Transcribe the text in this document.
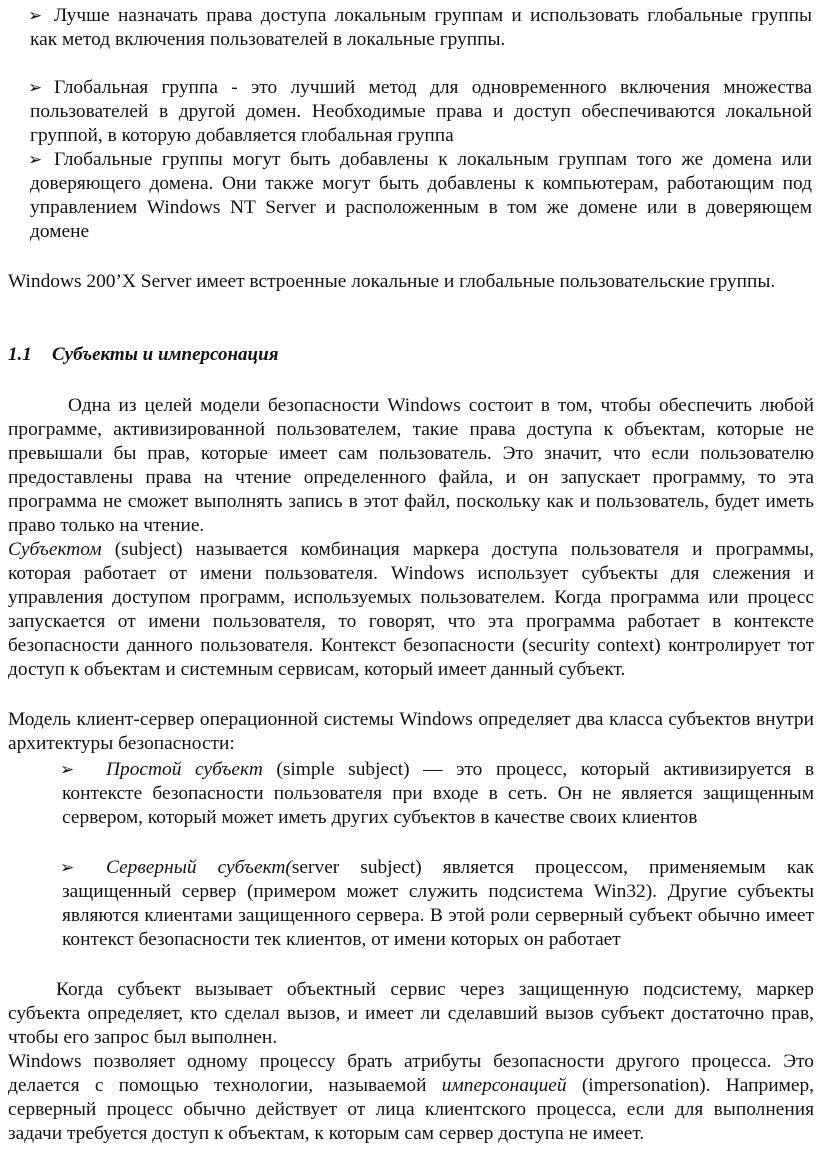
➢ Лучше назначать права доступа локальным группам и использовать глобальные группы как метод включения пользователей в локальные группы.

➢ Глобальная группа - это лучший метод для одновременного включения множества пользователей в другой домен. Необходимые права и доступ обеспечиваются локальной группой, в которую добавляется глобальная группа

➢ Глобальные группы могут быть добавлены к локальным группам того же домена или доверяющего домена. Они также могут быть добавлены к компьютерам, работающим под управлением Windows NT Server и расположенным в том же домене или в доверяющем домене

Windows 200’X Server имеет встроенные локальные и глобальные пользовательские группы.

1.1 Субъекты и имперсонация

Одна из целей модели безопасности Windows состоит в том, чтобы обеспечить любой программе, активизированной пользователем, такие права доступа к объектам, которые не превышали бы прав, которые имеет сам пользователь. Это значит, что если пользователю предоставлены права на чтение определенного файла, и он запускает программу, то эта программа не сможет выполнять запись в этот файл, поскольку как и пользователь, будет иметь право только на чтение.

Субъектом (subject) называется комбинация маркера доступа пользователя и программы, которая работает от имени пользователя. Windows использует субъекты для слежения и управления доступом программ, используемых пользователем. Когда программа или процесс запускается от имени пользователя, то говорят, что эта программа работает в контексте безопасности данного пользователя. Контекст безопасности (security context) контролирует тот доступ к объектам и системным сервисам, который имеет данный субъект.

Модель клиент-сервер операционной системы Windows определяет два класса субъектов внутри архитектуры безопасности:

➢	Простой субъект (simple subject) — это процесс, который активизируется в контексте безопасности пользователя при входе в сеть. Он не является защищенным сервером, который может иметь других субъектов в качестве своих клиентов

➢	Серверный субъект(server subject) является процессом, применяемым как защищенный сервер (примером может служить подсистема Win32). Другие субъекты являются клиентами защищенного сервера. В этой роли серверный субъект обычно имеет контекст безопасности тек клиентов, от имени которых он работает

Когда субъект вызывает объектный сервис через защищенную подсистему, маркер субъекта определяет, кто сделал вызов, и имеет ли сделавший вызов субъект достаточно прав, чтобы его запрос был выполнен.

Windows позволяет одному процессу брать атрибуты безопасности другого процесса. Это делается с помощью технологии, называемой имперсонацией (impersonation). Например, серверный процесс обычно действует от лица клиентского процесса, если для выполнения задачи требуется доступ к объектам, к которым сам сервер доступа не имеет.
